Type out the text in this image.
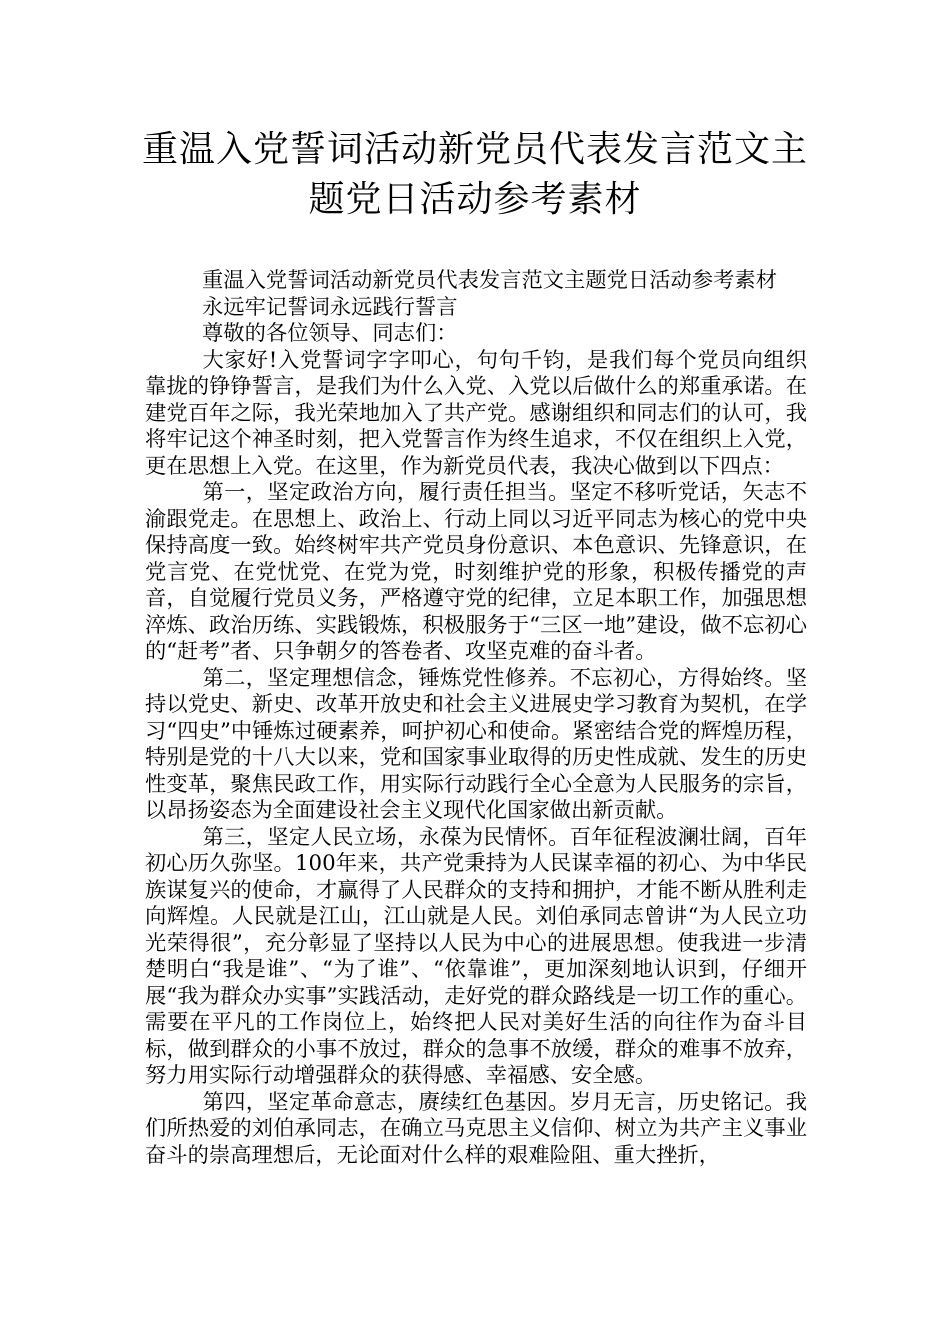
重温入党誓词活动新党员代表发言范文主
题党日活动参考素材

重温入党誓词活动新党员代表发言范文主题党日活动参考素材

永远牢记誓词永远践行誓言

尊敬的各位领导、同志们：

大家好!入党誓词字字叩心，句句千钧，是我们每个党员向组织靠拢的铮铮誓言，是我们为什么入党、入党以后做什么的郑重承诺。在建党百年之际，我光荣地加入了共产党。感谢组织和同志们的认可，我将牢记这个神圣时刻，把入党誓言作为终生追求，不仅在组织上入党，更在思想上入党。在这里，作为新党员代表，我决心做到以下四点：

第一，坚定政治方向，履行责任担当。坚定不移听党话，矢志不渝跟党走。在思想上、政治上、行动上同以习近平同志为核心的党中央保持高度一致。始终树牢共产党员身份意识、本色意识、先锋意识，在党言党、在党忧党、在党为党，时刻维护党的形象，积极传播党的声音，自觉履行党员义务，严格遵守党的纪律，立足本职工作，加强思想淬炼、政治历练、实践锻炼，积极服务于“三区一地”建设，做不忘初心的“赶考”者、只争朝夕的答卷者、攻坚克难的奋斗者。

第二，坚定理想信念，锤炼党性修养。不忘初心，方得始终。坚持以党史、新史、改革开放史和社会主义进展史学习教育为契机，在学习“四史”中锤炼过硬素养，呵护初心和使命。紧密结合党的辉煌历程，特别是党的十八大以来，党和国家事业取得的历史性成就、发生的历史性变革，聚焦民政工作，用实际行动践行全心全意为人民服务的宗旨，以昂扬姿态为全面建设社会主义现代化国家做出新贡献。

第三，坚定人民立场，永葆为民情怀。百年征程波澜壮阔，百年初心历久弥坚。100年来，共产党秉持为人民谋幸福的初心、为中华民族谋复兴的使命，才赢得了人民群众的支持和拥护，才能不断从胜利走向辉煌。人民就是江山，江山就是人民。刘伯承同志曾讲“为人民立功光荣得很”，充分彰显了坚持以人民为中心的进展思想。使我进一步清楚明白“我是谁”、“为了谁”、“依靠谁”，更加深刻地认识到，仔细开展“我为群众办实事”实践活动，走好党的群众路线是一切工作的重心。需要在平凡的工作岗位上，始终把人民对美好生活的向往作为奋斗目标，做到群众的小事不放过，群众的急事不放缓，群众的难事不放弃，努力用实际行动增强群众的获得感、幸福感、安全感。

第四，坚定革命意志，赓续红色基因。岁月无言，历史铭记。我们所热爱的刘伯承同志，在确立马克思主义信仰、树立为共产主义事业奋斗的崇高理想后，无论面对什么样的艰难险阻、重大挫折，
